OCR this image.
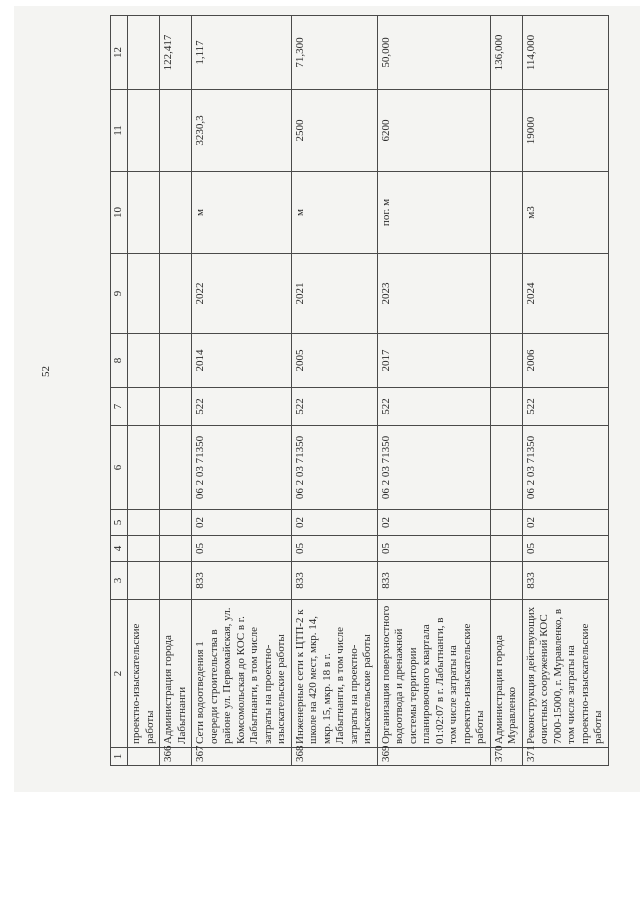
52
1	2	3	4	5	6	7	8	9	10	11	12
	проектно-изыскательские работы										
366	Администрация города Лабытнанги										122,417
367	Сети водоотведения 1 очереди строительства в районе ул. Первомайская, ул. Комсомольская до КОС в г. Лабытнанги, в том числе затраты на проектно-изыскательские работы	833	05	02	06 2 03 71350	522	2014	2022	м	3230,3	1,117
368	Инженерные сети к ЦТП-2 к школе на 420 мест, мкр. 14, мкр. 15, мкр. 18 в г. Лабытнанги, в том числе затраты на проектно-изыскательские работы	833	05	02	06 2 03 71350	522	2005	2021	м	2500	71,300
369	Организация поверхностного водоотвода и дренажной системы территории планировочного квартала 01:02:07 в г. Лабытнанги, в том числе затраты на проектно-изыскательские работы	833	05	02	06 2 03 71350	522	2017	2023	пог. м	6200	50,000
370	Администрация города Муравленко										136,000
371	Реконструкция действующих очистных сооружений КОС 7000-15000, г. Муравленко, в том числе затраты на проектно-изыскательские работы	833	05	02	06 2 03 71350	522	2006	2024	м3	19000	114,000
